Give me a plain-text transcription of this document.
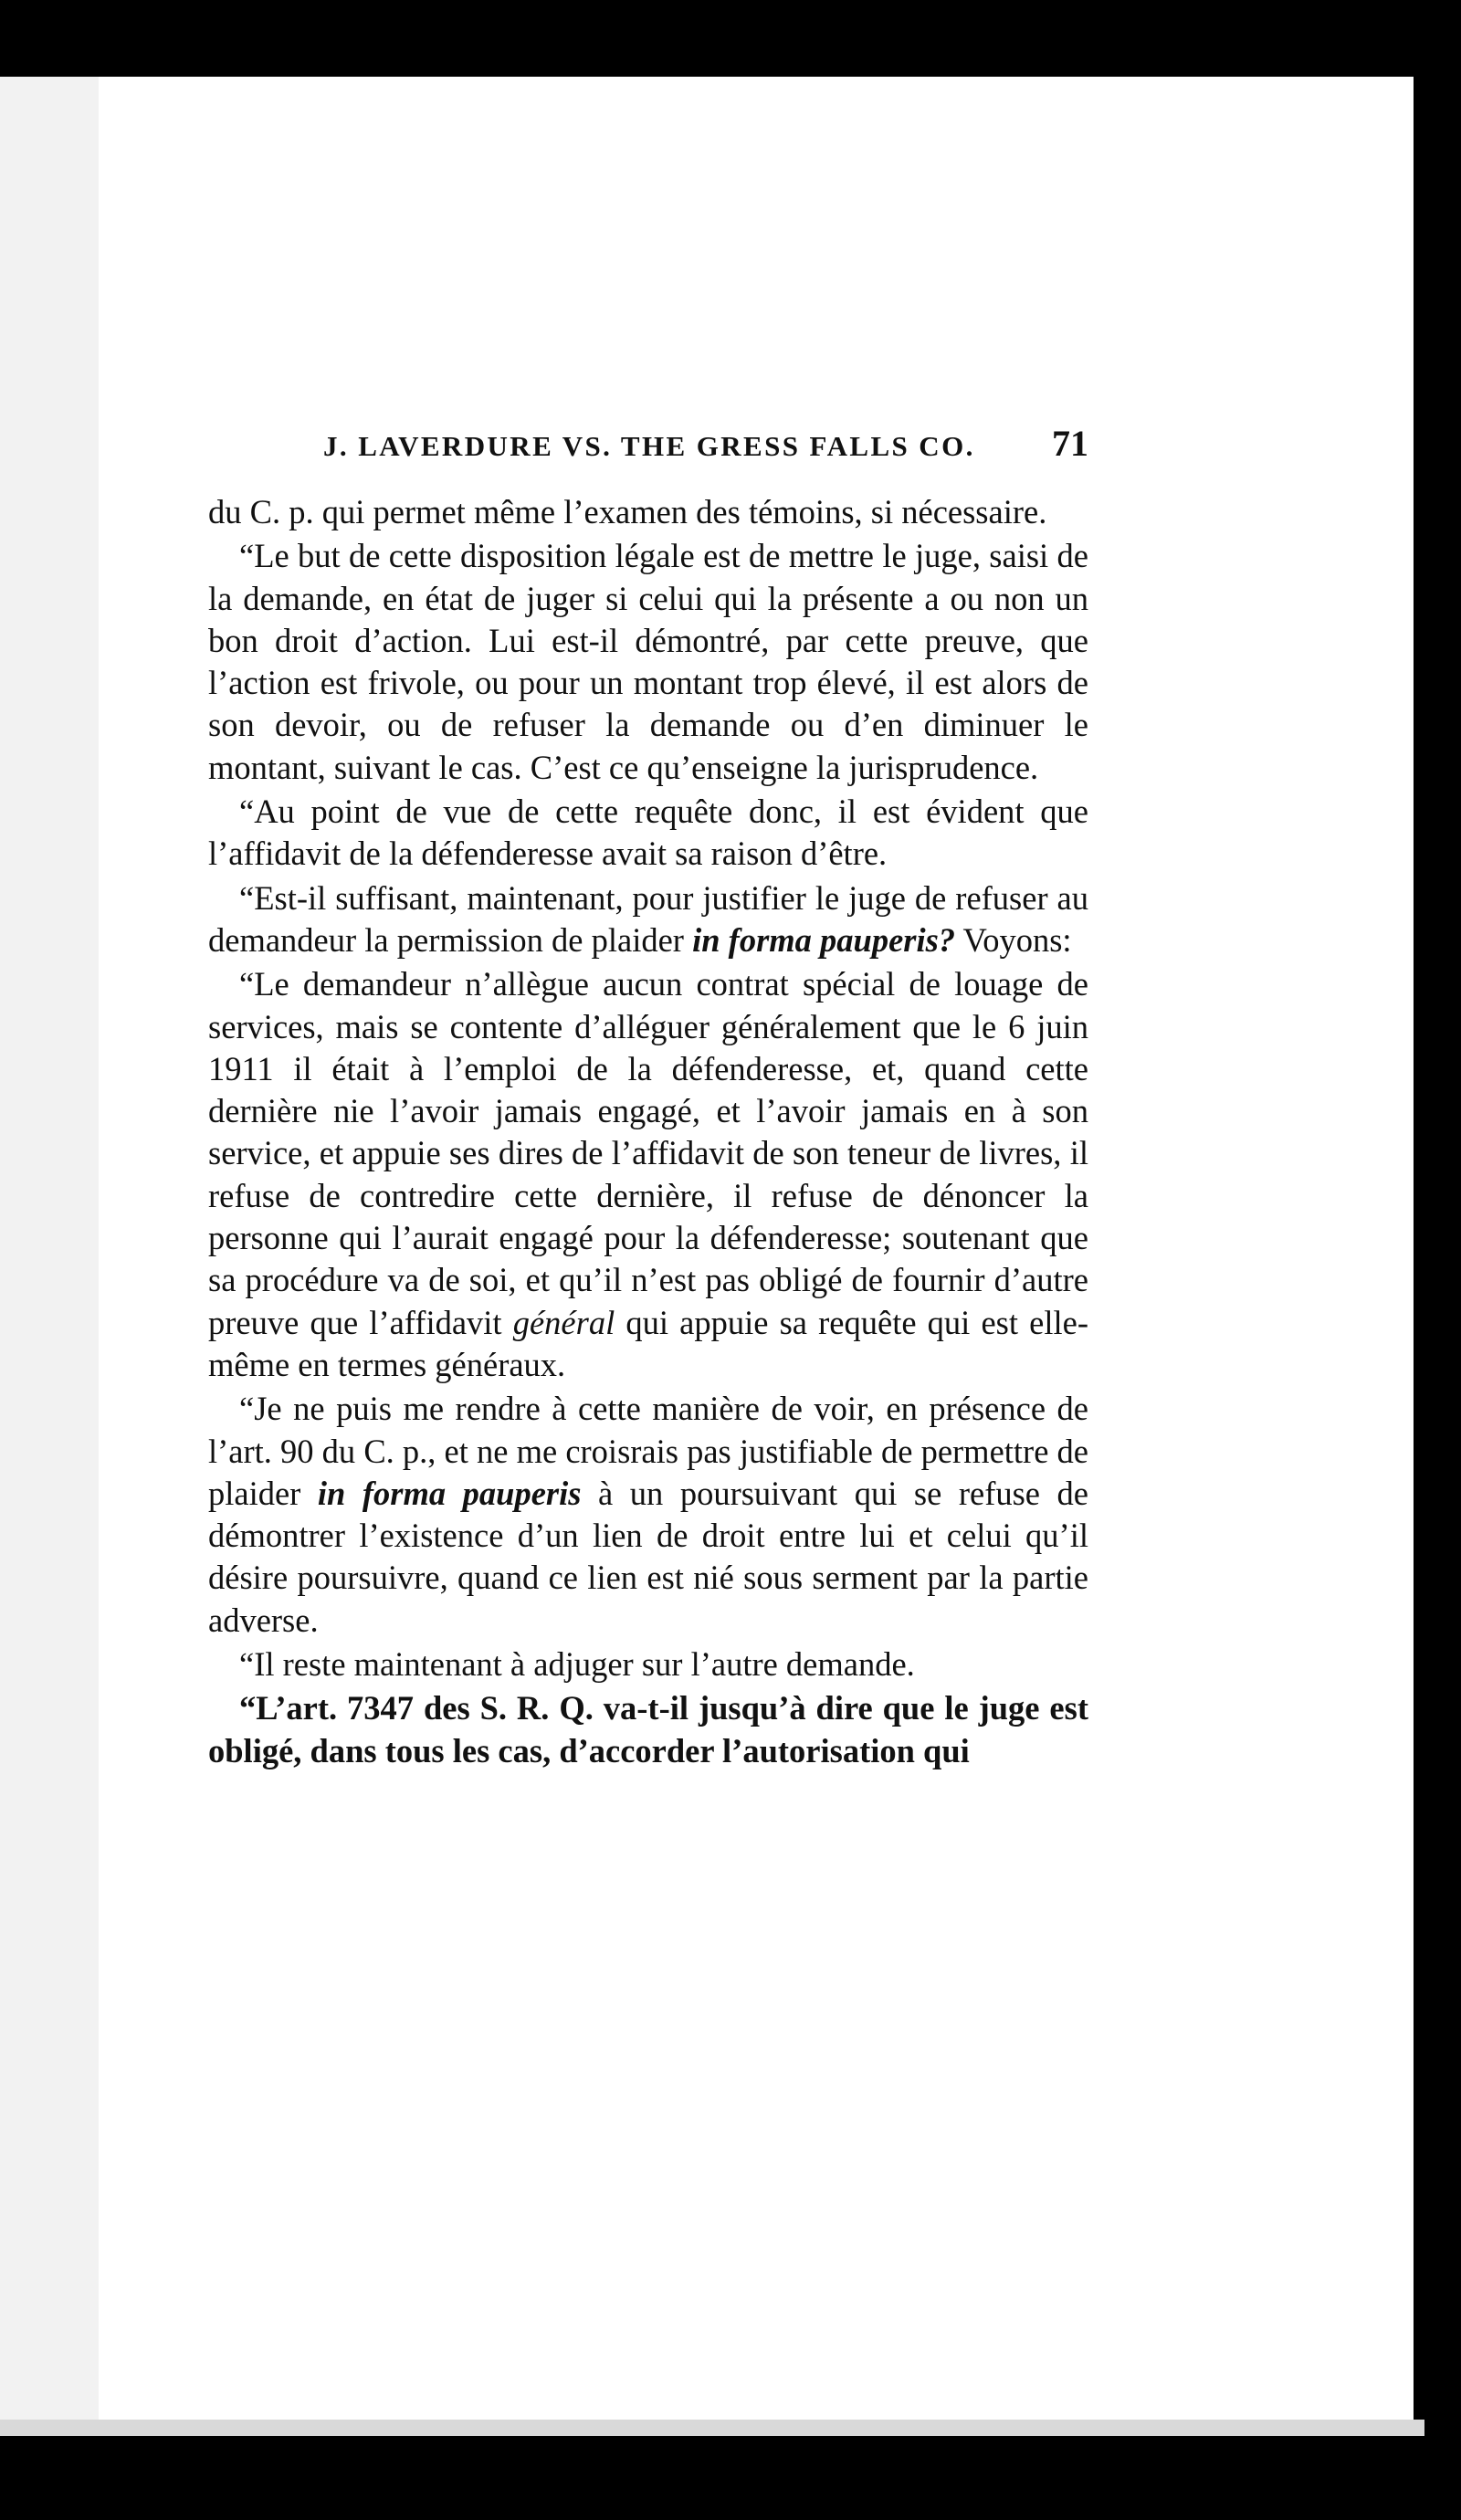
J. LAVERDURE VS. THE GRESS FALLS CO. 71

du C. p. qui permet même l’examen des témoins, si nécessaire.

“Le but de cette disposition légale est de mettre le juge, saisi de la demande, en état de juger si celui qui la présente a ou non un bon droit d’action. Lui est-il démontré, par cette preuve, que l’action est frivole, ou pour un montant trop élevé, il est alors de son devoir, ou de refuser la demande ou d’en diminuer le montant, suivant le cas. C’est ce qu’enseigne la jurisprudence.

“Au point de vue de cette requête donc, il est évident que l’affidavit de la défenderesse avait sa raison d’être.

“Est-il suffisant, maintenant, pour justifier le juge de refuser au demandeur la permission de plaider in forma pauperis? Voyons:

“Le demandeur n’allègue aucun contrat spécial de louage de services, mais se contente d’alléguer généralement que le 6 juin 1911 il était à l’emploi de la défenderesse, et, quand cette dernière nie l’avoir jamais engagé, et l’avoir jamais en à son service, et appuie ses dires de l’affidavit de son teneur de livres, il refuse de contredire cette dernière, il refuse de dénoncer la personne qui l’aurait engagé pour la défenderesse; soutenant que sa procédure va de soi, et qu’il n’est pas obligé de fournir d’autre preuve que l’affidavit général qui appuie sa requête qui est elle-même en termes généraux.

“Je ne puis me rendre à cette manière de voir, en présence de l’art. 90 du C. p., et ne me croisrais pas justifiable de permettre de plaider in forma pauperis à un poursuivant qui se refuse de démontrer l’existence d’un lien de droit entre lui et celui qu’il désire poursuivre, quand ce lien est nié sous serment par la partie adverse.

“Il reste maintenant à adjuger sur l’autre demande.

“L’art. 7347 des S. R. Q. va-t-il jusqu’à dire que le juge est obligé, dans tous les cas, d’accorder l’autorisation qui
